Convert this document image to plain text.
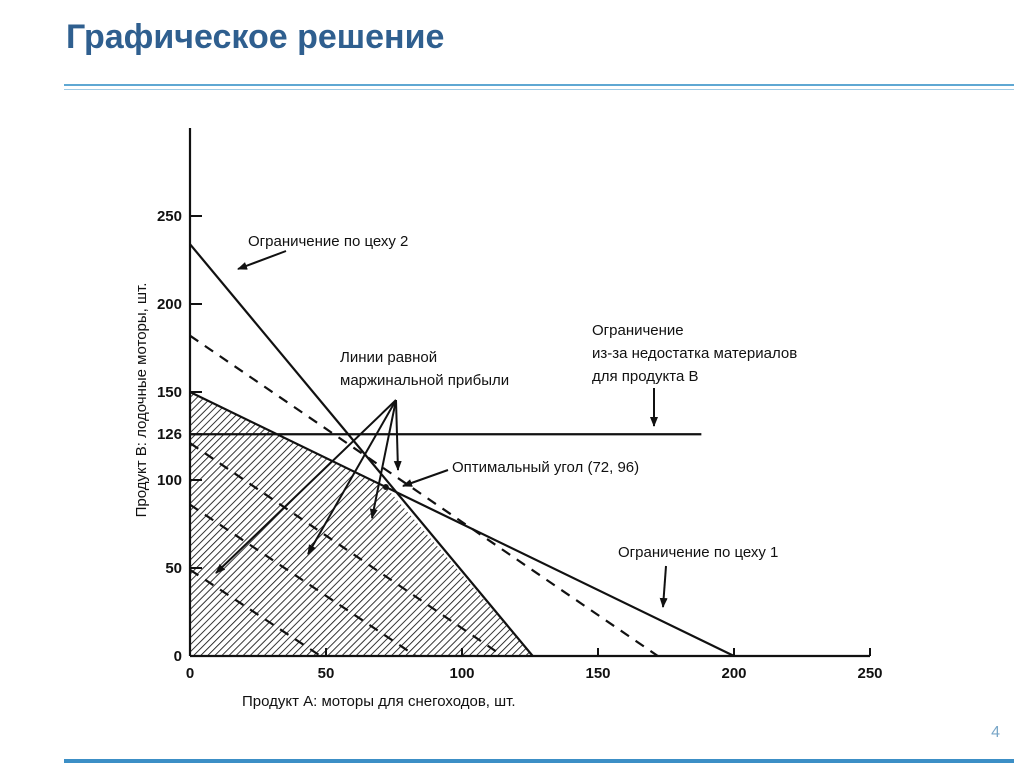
Графическое решение
0	50	100	150	200	250
0
50
100
126
150
200
250
Продукт A: моторы для снегоходов, шт.
Продукт B: лодочные моторы, шт.
Ограничение по цеху 2
Ограничение
из-за недостатка материалов
для продукта B
Линии равной
маржинальной прибыли
Оптимальный угол (72, 96)
Ограничение по цеху 1
4
